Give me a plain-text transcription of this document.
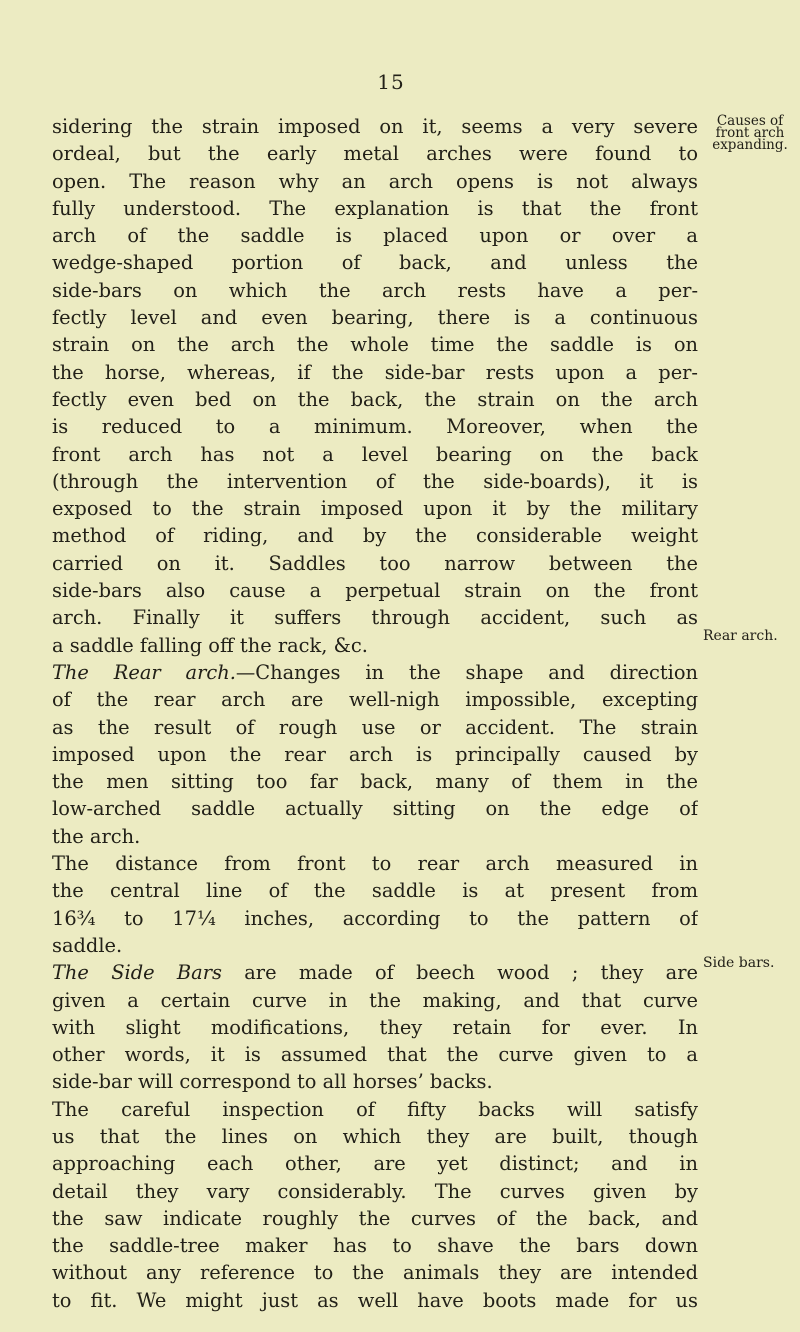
15
Causes of
front arch
expanding.
Rear arch.
Side bars.
sidering the strain imposed on it, seems a very severe
ordeal, but the early metal arches were found to
open. The reason why an arch opens is not always
fully understood. The explanation is that the front
arch of the saddle is placed upon or over a
wedge-shaped portion of back, and unless the
side-bars on which the arch rests have a per-
fectly level and even bearing, there is a continuous
strain on the arch the whole time the saddle is on
the horse, whereas, if the side-bar rests upon a per-
fectly even bed on the back, the strain on the arch
is reduced to a minimum. Moreover, when the
front arch has not a level bearing on the back
(through the intervention of the side-boards), it is
exposed to the strain imposed upon it by the military
method of riding, and by the considerable weight
carried on it. Saddles too narrow between the
side-bars also cause a perpetual strain on the front
arch. Finally it suffers through accident, such as
a saddle falling off the rack, &c.
The Rear arch.—Changes in the shape and direction
of the rear arch are well-nigh impossible, excepting
as the result of rough use or accident. The strain
imposed upon the rear arch is principally caused by
the men sitting too far back, many of them in the
low-arched saddle actually sitting on the edge of
the arch.
The distance from front to rear arch measured in
the central line of the saddle is at present from
16¾ to 17¼ inches, according to the pattern of
saddle.
The Side Bars are made of beech wood ; they are
given a certain curve in the making, and that curve
with slight modifications, they retain for ever. In
other words, it is assumed that the curve given to a
side-bar will correspond to all horses’ backs.
The careful inspection of fifty backs will satisfy
us that the lines on which they are built, though
approaching each other, are yet distinct; and in
detail they vary considerably. The curves given by
the saw indicate roughly the curves of the back, and
the saddle-tree maker has to shave the bars down
without any reference to the animals they are intended
to fit. We might just as well have boots made for us
